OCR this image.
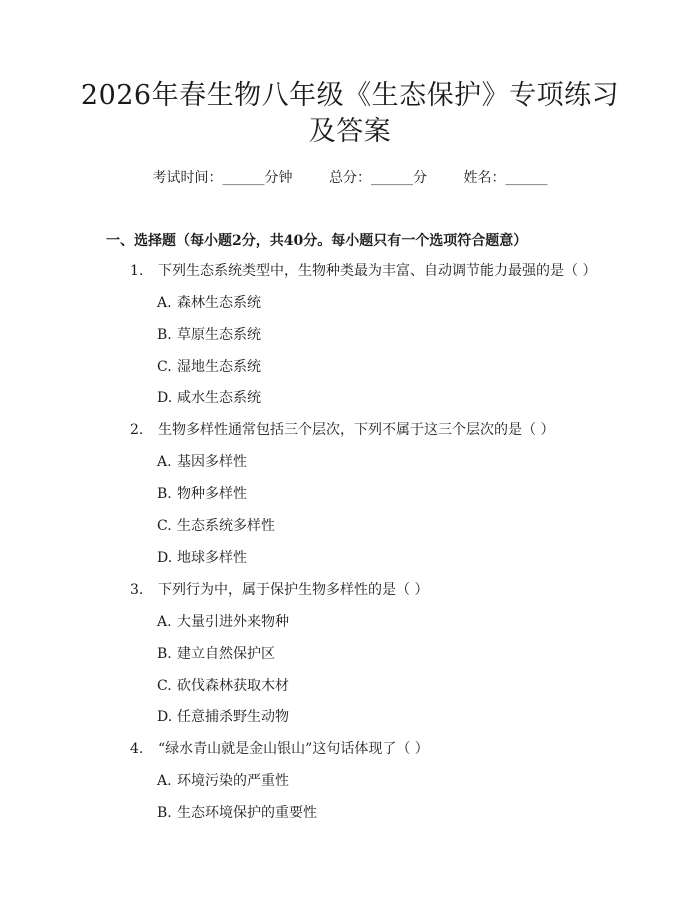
2026年春生物八年级《生态保护》专项练习
及答案
考试时间：______分钟	总分：______分	姓名：______
一、选择题（每小题2分，共40分。每小题只有一个选项符合题意）
1. 下列生态系统类型中，生物种类最为丰富、自动调节能力最强的是（ ）
A. 森林生态系统
B. 草原生态系统
C. 湿地生态系统
D. 咸水生态系统
2. 生物多样性通常包括三个层次，下列不属于这三个层次的是（ ）
A. 基因多样性
B. 物种多样性
C. 生态系统多样性
D. 地球多样性
3. 下列行为中，属于保护生物多样性的是（ ）
A. 大量引进外来物种
B. 建立自然保护区
C. 砍伐森林获取木材
D. 任意捕杀野生动物
4. “绿水青山就是金山银山”这句话体现了（ ）
A. 环境污染的严重性
B. 生态环境保护的重要性
